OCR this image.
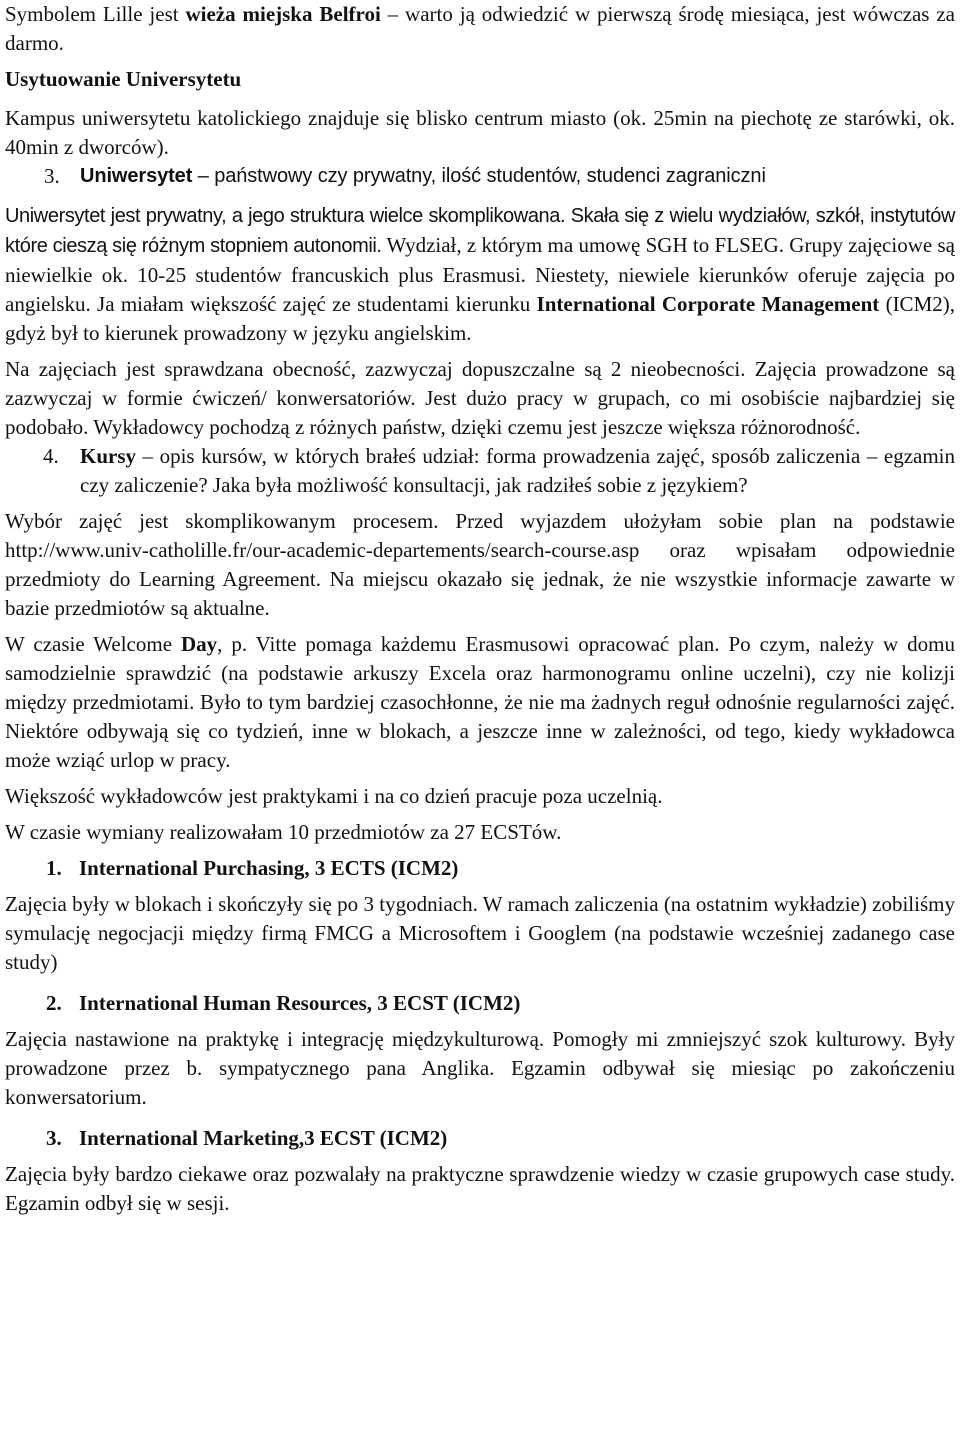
Symbolem Lille jest wieża miejska Belfroi – warto ją odwiedzić w pierwszą środę miesiąca, jest wówczas za darmo.

Usytuowanie Universytetu

Kampus uniwersytetu katolickiego znajduje się blisko centrum miasto (ok. 25min na piechotę ze starówki, ok. 40min z dworców).

3.	Uniwersytet – państwowy czy prywatny, ilość studentów, studenci zagraniczni

Uniwersytet jest prywatny, a jego struktura wielce skomplikowana. Skała się z wielu wydziałów, szkół, instytutów które cieszą się różnym stopniem autonomii. Wydział, z którym ma umowę SGH to FLSEG. Grupy zajęciowe są niewielkie ok. 10-25 studentów francuskich plus Erasmusi. Niestety, niewiele kierunków oferuje zajęcia po angielsku. Ja miałam większość zajęć ze studentami kierunku International Corporate Management (ICM2), gdyż był to kierunek prowadzony w języku angielskim.

Na zajęciach jest sprawdzana obecność, zazwyczaj dopuszczalne są 2 nieobecności. Zajęcia prowadzone są zazwyczaj w formie ćwiczeń/ konwersatoriów. Jest dużo pracy w grupach, co mi osobiście najbardziej się podobało. Wykładowcy pochodzą z różnych państw, dzięki czemu jest jeszcze większa różnorodność.

4.	Kursy – opis kursów, w których brałeś udział: forma prowadzenia zajęć, sposób zaliczenia – egzamin czy zaliczenie? Jaka była możliwość konsultacji, jak radziłeś sobie z językiem?

Wybór zajęć jest skomplikowanym procesem. Przed wyjazdem ułożyłam sobie plan na podstawie http://www.univ-catholille.fr/our-academic-departements/search-course.asp oraz wpisałam odpowiednie przedmioty do Learning Agreement. Na miejscu okazało się jednak, że nie wszystkie informacje zawarte w bazie przedmiotów są aktualne.

W czasie Welcome Day, p. Vitte pomaga każdemu Erasmusowi opracować plan. Po czym, należy w domu samodzielnie sprawdzić (na podstawie arkuszy Excela oraz harmonogramu online uczelni), czy nie kolizji między przedmiotami. Było to tym bardziej czasochłonne, że nie ma żadnych reguł odnośnie regularności zajęć. Niektóre odbywają się co tydzień, inne w blokach, a jeszcze inne w zależności, od tego, kiedy wykładowca może wziąć urlop w pracy.

Większość wykładowców jest praktykami i na co dzień pracuje poza uczelnią.

W czasie wymiany realizowałam 10 przedmiotów za 27 ECSTów.

1. International Purchasing, 3 ECTS (ICM2)

Zajęcia były w blokach i skończyły się po 3 tygodniach. W ramach zaliczenia (na ostatnim wykładzie) zobiliśmy symulację negocjacji między firmą FMCG a Microsoftem i Googlem (na podstawie wcześniej zadanego case study)

2. International Human Resources, 3 ECST (ICM2)

Zajęcia nastawione na praktykę i integrację międzykulturową. Pomogły mi zmniejszyć szok kulturowy. Były prowadzone przez b. sympatycznego pana Anglika. Egzamin odbywał się miesiąc po zakończeniu konwersatorium.

3. International Marketing,3 ECST (ICM2)

Zajęcia były bardzo ciekawe oraz pozwalały na praktyczne sprawdzenie wiedzy w czasie grupowych case study. Egzamin odbył się w sesji.
